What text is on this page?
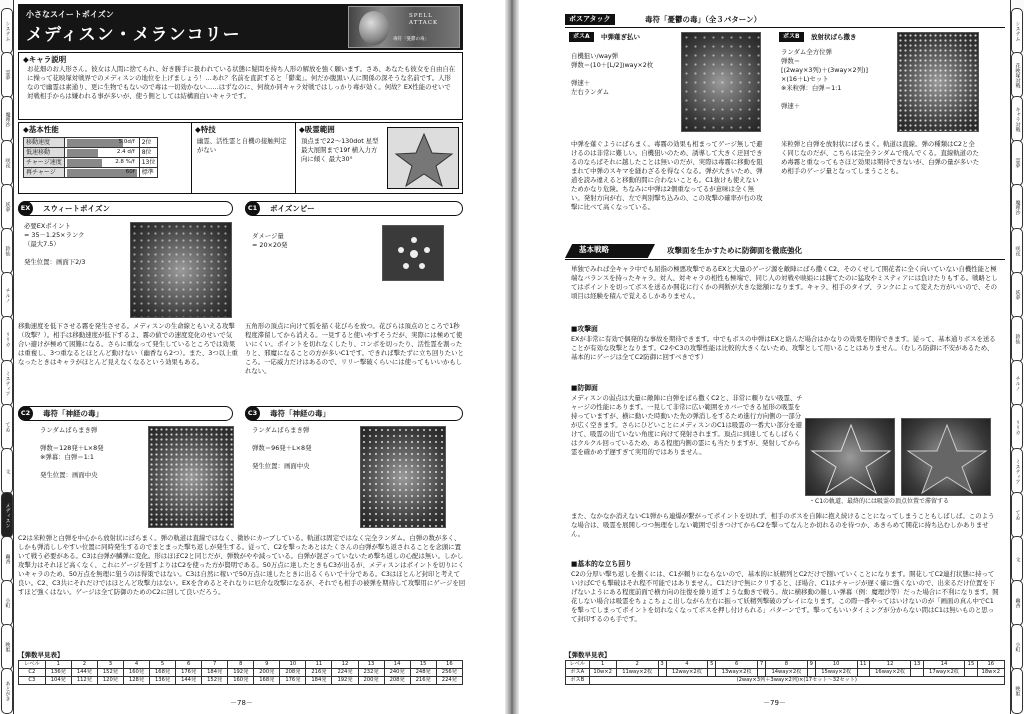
システム
霊夢
魔理沙
咲夜
妖夢
鈴仙
チルノ
リリカ
ミスティア
てゐ
文
メディスン
幽香
小町
映姫
あとがき
小さなスイートポイズン
メディスン・メランコリー
SPELL ATTACK
毒符「憂鬱の毒」
◆キャラ説明
お花畑のお人形さん。彼女は人間に捨てられ、好き勝手に扱われている状態に疑問を持ち人形の解放を強く願います。さあ、あなたも彼女を自由自在に操って花映塚対戦界でのメディスンの地位を上げましょう！…あれ？名前を直訳すると「鬱薬」。何だか腹黒い人に関係の深そうな名前です。人形なので幽霊は素通り、更に生物でもないので毒は一切効かない……はずなのに、何故か同キャラ対戦ではしっかり毒が効く。何故？EX性能のせいで対戦相手からは嫌われる事が多いが、使う側としては結構面白いキャラです。
◆基本性能
移動速度	5.0d/f	2位
低速移動	2.4 d/f	8位
チャージ速度	2.8 %/f	13位
再チャージ	60f	標準
◆特技
幽霊、活性霊と自機の接触判定がない
◆吸霊範囲
頂点まで22～130dot 星型 最大展開まで19f 横入力方向に傾く 最大30°
EX	スウィートポイズン
必要EXポイント
= 35－1.25×ランク
（最大7.5）

発生位置：画面下2/3
移動速度を低下させる霧を発生させる。メディスンの生命線ともいえる攻撃（攻撃？）。相手は移動速度が低下するよ、霧の値での速度変化のせいで気合い避けが極めて困難になる。さらに重なって発生しているところでは効果は重複し、3つ重なるとほとんど動けない（幽香なら2つ）。また、3つ以上重なったときはキャラがほとんど見えなくなるという効果もある。
C1	ボイズンピー
ダメージ量
= 20×20発
五角形の頂点に向けて弧を描く花びらを放つ。花びらは頂点のところで1秒程度滞留してから消える。一見すると使いやすそうだが、実際には極めて使いにくい。ポイントを切れなくしたり、コンボを切ったり、活性霊を割ったりと、邪魔になることの方が多いC1です。できれば撃たずに立ち回りたいところ。一応威力だけはあるので、リリー撃破くらいには使ってもいいかもしれない。
C2	毒符「神経の毒」
ランダムばらまき弾

弾数＝128発＋L×8発
※弾幕：白弾＝1:1

発生位置：画面中央
C3	毒符「神経の毒」
ランダムばらまき弾

弾数＝96発＋L×8発

発生位置：画面中央
C2は米粒弾と白弾を中心から放射状にばらまく。弾の軌道は直線ではなく、微妙にカーブしている。軌道は固定ではなく完全ランダム。白弾の数が多く、しかも弾消ししやすい位置に同時発生するのでまとまった撃ち返しが発生する。従って、C2を撃ったあとはたくさんの白弾が撃ち返されることを念頭に置いて戦う必要がある。C3は白弾が鱗弾に変化。形はほぼC2と同じだが、弾数がやや減っている。白弾が混ざっていないため撃ち返しの心配は無い。しかし攻撃力はそれほど高くなく、これにゲージを回すよりはC2を使った方が賢明である。50万点に達したときもC3が出るが、メディスンはポイントを切りにくいキャラのため、50万点を無理に狙うのは得策ではない。C3は自然に稼いで50万点に達したときに出るくらいで十分である。C3はほとんど封印と考えて良い。C2、C3共にそれだけではほとんど攻撃力はない。EXを含めるとそれなりに厄介な攻撃になるが、それでも相手の被弾を期待して攻撃用にゲージを回すほど強くはない。ゲージは全て防御のためのC2に回して良いだろう。
【弾数早見表】
レベル	1	2	3	4	5	6	7	8	9	10	11	12	13	14	15	16
C2	136発	144発	152発	160発	168発	176発	184発	192発	200発	208発	216発	224発	232発	240発	248発	256発
C3	104発	112発	120発	128発	136発	144発	152発	160発	168発	176発	184発	192発	200発	208発	216発	224発
－78－
システム
花映塚対戦
キャラ対戦
霊夢
魔理沙
咲夜
妖夢
鈴仙
チルノ
リリカ
ミスティア
てゐ
文
幽香
小町
映姫
ボスアタック	毒符「憂鬱の毒」（全３パターン）
ボスA	中弾薙ぎ払い
自機狙い/way弾
弾数＝(10＋[L/2])way×2枚

弾速＋
左右ランダム
中弾を薙ぐようにばらまく。毒霧の効果も相まってゲージ無しで避けるのは非常に難しい。自機狙いのため、誘導して大きく迂回できるのならばそれに越したことは無いのだが、実際は毒霧に移動を阻まれて中弾のスキマを縫わざるを得なくなる。弾が大きいため、弾道を読み違えると移動的間に合わないことも。C1抜けも使えないためかなり危険。ちなみに中弾は2個重なってるが意味は全く無い。発射方向が右、左で判別撃ち込みの、この攻撃の確率が右の攻撃に比べて高くなっている。
ボスB	放射状ばら撒き
ランダム全方位弾
弾数＝
[(2way×3列)＋(3way×2列)]
×(16＋L)セット
※米粒弾：白弾＝1:1

弾速＋
米粒弾と白弾を放射状にばらまく。軌道は直線。弾の種類はC2と全く同じなのだが、こちらは完全ランダムで飛んでくる。直線軌道のため毒霧と重なってもさほど効果は期待できないが、白弾の量が多いため相手のゲージ量となってしまうことも。
基本戦略	攻撃面を生かすために防御面を徹底強化
単独でみれば全キャラ中でも屈指の極悪攻撃であるEXと大量のゲージ源を敵陣にばら撒くC2、そのくせして開花者に全く向いていない自機性能と極端なバランスを持ったキャラ。対人、対キャラの相性も極端で、同じ人の対戦や映姫には勝てたのに猛攻やミスティアには負けたりもする。戦略としてはポイントを切ってボスを送るか開花に行くかの判断が大きな総額になります。キャラ、相手のタイプ、ランクによって変えた方がいいので、その頃目は経験を積んで覚えるしかありません。
■攻撃面
EXが非常に有効で偶発的な事故を期待できます。中でもボスの中弾はEXと絡んだ場合はかなりの効果を期待できます。従って、基本通りボスを送ることが有効な攻撃となります。C2やC3の攻撃性能は比較的大きくないため、攻撃として用いることはありません。（むしろ防御に不安があるため、基本的にゲージは全てC2防御に回すべきです）
■防御面
メディスンの弱点は大量に敵陣に白弾をばら撒くC2と、非常に頼りない吸霊、チャージの性能にあります。一見して非常に広い範囲をカバーできる星形の吸霊を持っていますが、横に動いた時動いた先の弾消しをするため進行方向側の一部分が広く空きます。さらにひどいことにメディスンのC1は吸霊の一番大い部分を避けて、吸霊の出ていない角度に向けて発射されます。頂点に到達してもしばらくはクルクル回っているため、ある程度内側の霊にも当たりますが、発射してから霊を確かめず遅すぎて実用的ではありません。
・C1の軌道、最終的には吸霊の頂点位置で滞留する
また、なかなか消えないC1弾から連爆が繋がってポイントを切れず、相手のボスを自陣に抱え続けることになってしまうこともしばしば。このような場合は、吸霊を展開しつつ無理をしない範囲で引きつけてからC2を撃ってなんとか切れるのを待つか、あきらめて開花に持ち込むしかありません。
■基本的な立ち回り
C2の分厚い撃ち返しを捌くには、C1が頼りにならないので、基本的に妖精列とC2だけで捌いていくことになります。開花してC2連打状態に持っていけばCでも撃破はそれ程不可能ではありません。C1だけで無にクリすると、ぼ場合、C1はチャージが遅く確に強くないので、出来るだけ位置を下げないようにある程度前面で横方向の往復を繰り返すような動きで戦う。故に横移動の難しい弾幕（例：魔理沙等）だった場合に不利になります。開花しない場合は吸霊をちょこちょこ出しながら左右に振って妖精列撃破のプレイになります。この際一番やってはいけないのが「画面の真ん中でC1を撃ってしまってポイントを切れなくなってボスを押し付けられる」パターンです。撃ってもいいタイミングが分からない間はC1は無いものと思って封印するのも手です。
【弾数早見表】
レベル	1	2	3	4	5	6	7	8	9	10	11	12	13	14	15	16
ボスA	10w×2	11way×2枚		12way×2枚		13way×2枚		14way×2枚		15way×2枚		16way×2枚		17way×2枚		18w×2
ボスB	(2way×3列＋3way×2列)×(17セット〜32セット)															
－79－
